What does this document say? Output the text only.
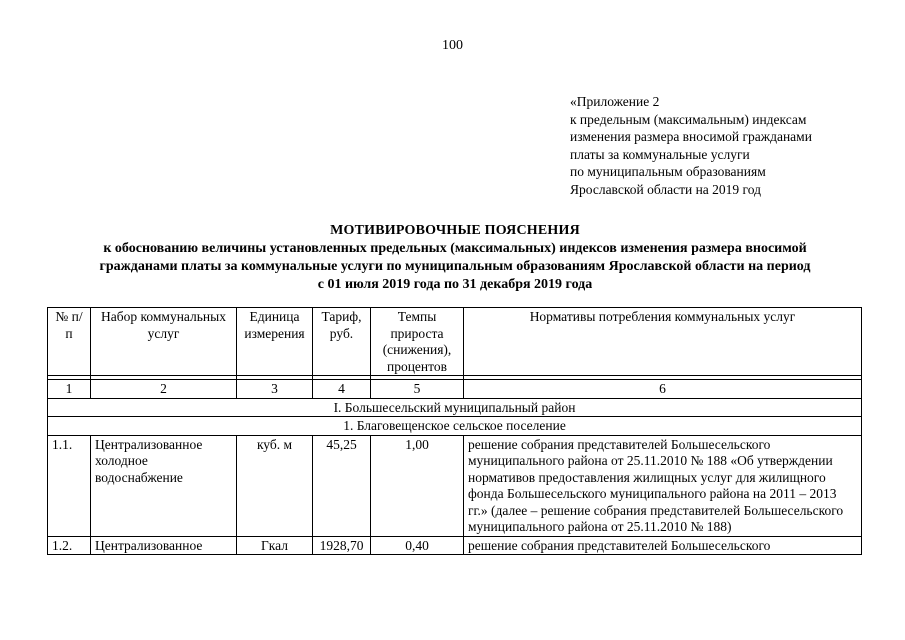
100
«Приложение 2
к предельным (максимальным) индексам
изменения размера вносимой гражданами
платы за коммунальные услуги
по муниципальным образованиям
Ярославской области на 2019 год
МОТИВИРОВОЧНЫЕ ПОЯСНЕНИЯ
к обоснованию величины установленных предельных (максимальных) индексов изменения размера вносимой
гражданами платы за коммунальные услуги по муниципальным образованиям Ярославской области на период
с 01 июля 2019 года по 31 декабря 2019 года
№ п/п	Набор коммунальных услуг	Единица измерения	Тариф, руб.	Темпы прироста (снижения), процентов	Нормативы потребления коммунальных услуг

1	2	3	4	5	6
I. Большесельский муниципальный район					
1. Благовещенское сельское поселение					
1.1.	Централизованное холодное водоснабжение	куб. м	45,25	1,00	решение собрания представителей Большесельского муниципального района от 25.11.2010 № 188 «Об утверждении нормативов предоставления жилищных услуг для жилищного фонда Большесельского муниципального района на 2011 – 2013 гг.» (далее – решение собрания представителей Большесельского муниципального района от 25.11.2010 № 188)
1.2.	Централизованное	Гкал	1928,70	0,40	решение собрания представителей Большесельского
